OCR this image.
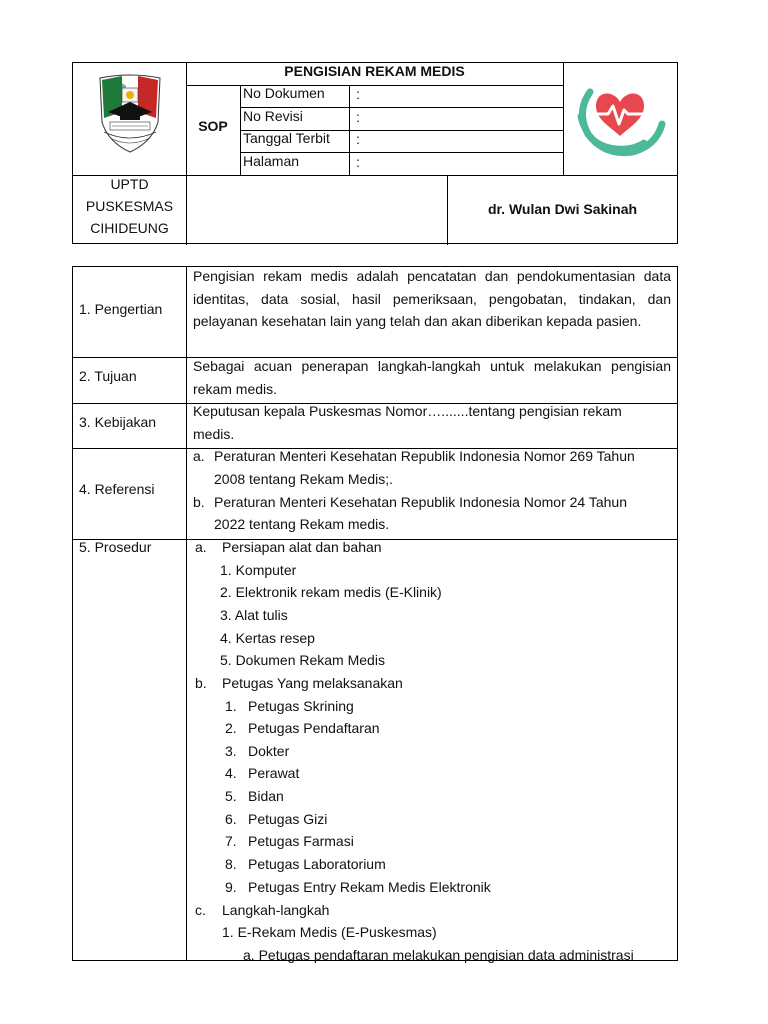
PENGISIAN REKAM MEDIS
SOP
No Dokumen :
No Revisi	:
Tanggal Terbit :
Halaman	:
UPTD
PUSKESMAS
CIHIDEUNG
dr. Wulan Dwi Sakinah
1. Pengertian
Pengisian rekam medis adalah pencatatan dan pendokumentasian data identitas, data sosial, hasil pemeriksaan, pengobatan, tindakan, dan pelayanan kesehatan lain yang telah dan akan diberikan kepada pasien.
2. Tujuan
Sebagai acuan penerapan langkah-langkah untuk melakukan pengisian rekam medis.
3. Kebijakan
Keputusan kepala Puskesmas Nomor….......tentang pengisian rekam
medis.
4. Referensi
a. Peraturan Menteri Kesehatan Republik Indonesia Nomor 269 Tahun
2008 tentang Rekam Medis;.
b. Peraturan Menteri Kesehatan Republik Indonesia Nomor 24 Tahun
2022 tentang Rekam medis.
5. Prosedur	a. Persiapan alat dan bahan
1. Komputer
2. Elektronik rekam medis (E-Klinik)
3. Alat tulis
4. Kertas resep
5. Dokumen Rekam Medis
b. Petugas Yang melaksanakan
1. Petugas Skrining
2. Petugas Pendaftaran
3. Dokter
4. Perawat
5. Bidan
6. Petugas Gizi
7. Petugas Farmasi
8. Petugas Laboratorium
9. Petugas Entry Rekam Medis Elektronik
c. Langkah-langkah
1. E-Rekam Medis (E-Puskesmas)
a. Petugas pendaftaran melakukan pengisian data administrasi
